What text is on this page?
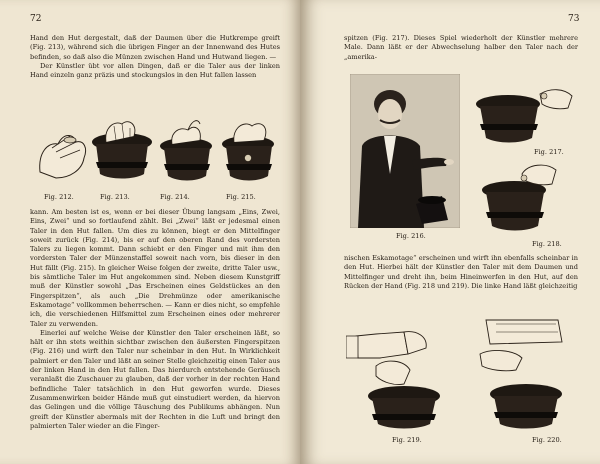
72

Hand den Hut dergestalt, daß der Daumen über die Hutkrempe greift (Fig. 213), während sich die übrigen Finger an der Innenwand des Hutes befinden, so daß also die Münzen zwischen Hand und Hutwand liegen. —

Der Künstler übt vor allen Dingen, daß er die Taler aus der linken Hand einzeln ganz präzis und stockungslos in den Hut fallen lassen

Fig. 212.	Fig. 213.	Fig. 214.	Fig. 215.

kann. Am besten ist es, wenn er bei dieser Übung langsam „Eins, Zwei, Eins, Zwei“ und so fortlaufend zählt. Bei „Zwei“ läßt er jedesmal einen Taler in den Hut fallen. Um dies zu können, biegt er den Mittelfinger soweit zurück (Fig. 214), bis er auf den oberen Rand des vordersten Talers zu liegen kommt. Dann schiebt er den Finger und mit ihm den vordersten Taler der Münzenstaffel soweit nach vorn, bis dieser in den Hut fällt (Fig. 215). In gleicher Weise folgen der zweite, dritte Taler usw., bis sämtliche Taler im Hut angekommen sind. Neben diesem Kunstgriff muß der Künstler sowohl „Das Erscheinen eines Geldstückes an den Fingerspitzen“, als auch „Die Drehmünze oder amerikanische Eskamotage“ vollkommen beherrschen. — Kann er dies nicht, so empfehle ich, die verschiedenen Hilfsmittel zum Erscheinen eines oder mehrerer Taler zu verwenden.

Einerlei auf welche Weise der Künstler den Taler erscheinen läßt, so hält er ihn stets weithin sichtbar zwischen den äußersten Fingerspitzen (Fig. 216) und wirft den Taler nur scheinbar in den Hut. In Wirklichkeit palmiert er den Taler und läßt an seiner Stelle gleichzeitig einen Taler aus der linken Hand in den Hut fallen. Das hierdurch entstehende Geräusch veranlaßt die Zuschauer zu glauben, daß der vorher in der rechten Hand befindliche Taler tatsächlich in den Hut geworfen wurde. Dieses Zusammenwirken beider Hände muß gut einstudiert werden, da hiervon das Gelingen und die völlige Täuschung des Publikums abhängen. Nun greift der Künstler abermals mit der Rechten in die Luft und bringt den palmierten Taler wieder an die Finger-

73

spitzen (Fig. 217). Dieses Spiel wiederholt der Künstler mehrere Male. Dann läßt er der Abwechselung halber den Taler nach der „amerika-

Fig. 216.
Fig. 217.
Fig. 218.

nischen Eskamotage“ erscheinen und wirft ihn ebenfalls scheinbar in den Hut. Hierbei hält der Künstler den Taler mit dem Daumen und Mittelfinger und dreht ihn, beim Hineinwerfen in den Hut, auf den Rücken der Hand (Fig. 218 und 219). Die linke Hand läßt gleichzeitig

Fig. 219.	Fig. 220.
